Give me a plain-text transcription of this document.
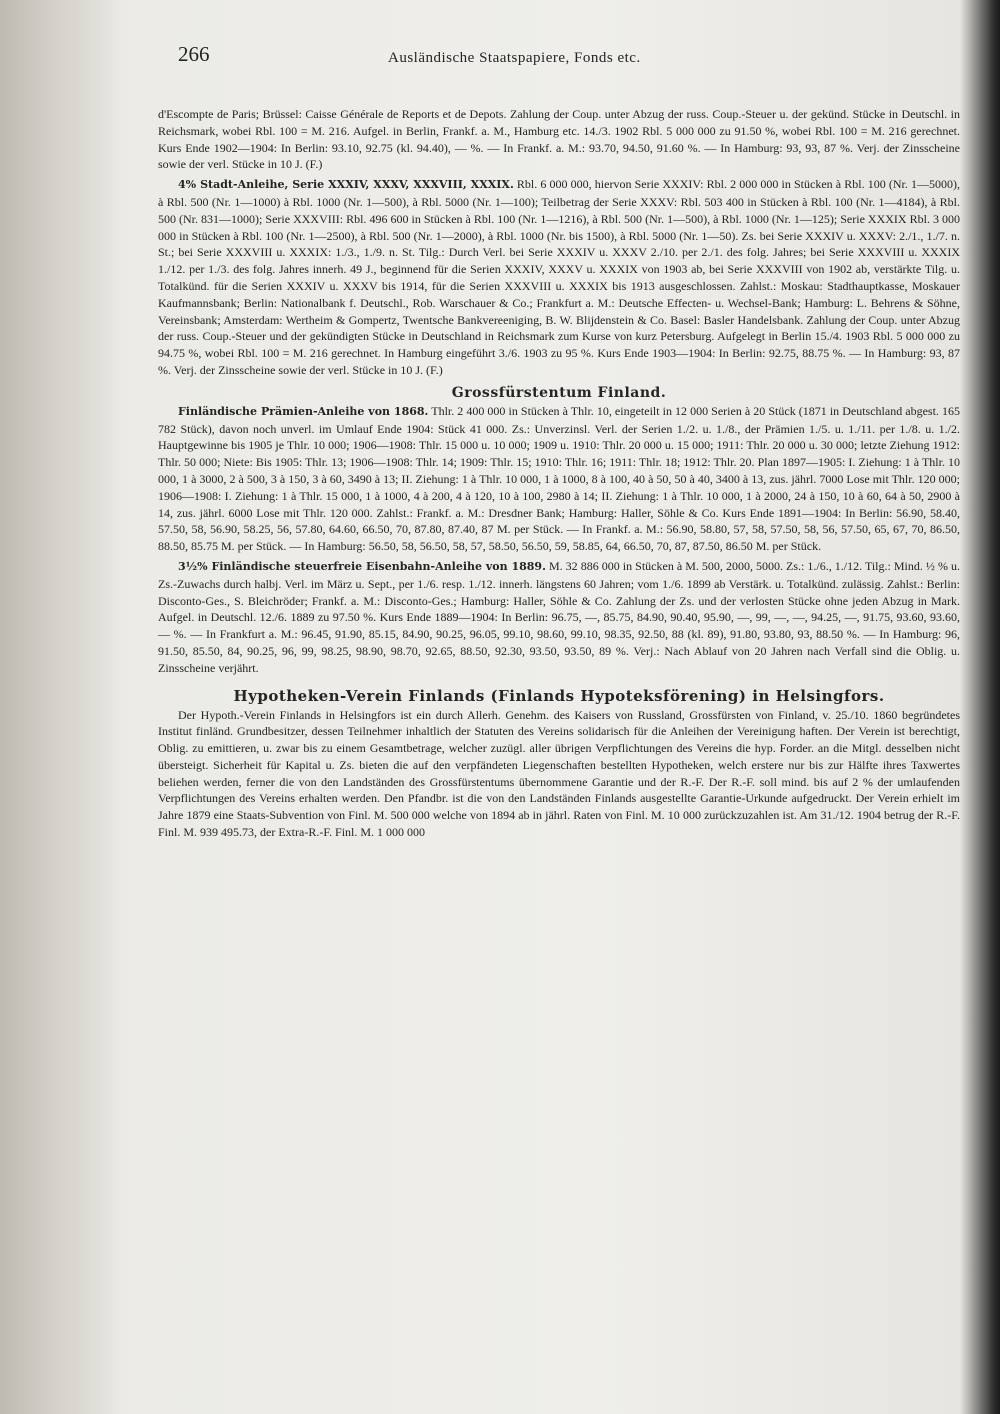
266	Ausländische Staatspapiere, Fonds etc.

d'Escompte de Paris; Brüssel: Caisse Générale de Reports et de Depots. Zahlung der Coup. unter Abzug der russ. Coup.-Steuer u. der gekünd. Stücke in Deutschl. in Reichsmark, wobei Rbl. 100 = M. 216. Aufgel. in Berlin, Frankf. a. M., Hamburg etc. 14./3. 1902 Rbl. 5 000 000 zu 91.50 %, wobei Rbl. 100 = M. 216 gerechnet. Kurs Ende 1902—1904: In Berlin: 93.10, 92.75 (kl. 94.40), — %. — In Frankf. a. M.: 93.70, 94.50, 91.60 %. — In Hamburg: 93, 93, 87 %. Verj. der Zinsscheine sowie der verl. Stücke in 10 J. (F.)

4% Stadt-Anleihe, Serie XXXIV, XXXV, XXXVIII, XXXIX. Rbl. 6 000 000, hiervon Serie XXXIV: Rbl. 2 000 000 in Stücken à Rbl. 100 (Nr. 1—5000), à Rbl. 500 (Nr. 1—1000) à Rbl. 1000 (Nr. 1—500), à Rbl. 5000 (Nr. 1—100); Teilbetrag der Serie XXXV: Rbl. 503 400 in Stücken à Rbl. 100 (Nr. 1—4184), à Rbl. 500 (Nr. 831—1000); Serie XXXVIII: Rbl. 496 600 in Stücken à Rbl. 100 (Nr. 1—1216), à Rbl. 500 (Nr. 1—500), à Rbl. 1000 (Nr. 1—125); Serie XXXIX Rbl. 3 000 000 in Stücken à Rbl. 100 (Nr. 1—2500), à Rbl. 500 (Nr. 1—2000), à Rbl. 1000 (Nr. bis 1500), à Rbl. 5000 (Nr. 1—50). Zs. bei Serie XXXIV u. XXXV: 2./1., 1./7. n. St.; bei Serie XXXVIII u. XXXIX: 1./3., 1./9. n. St. Tilg.: Durch Verl. bei Serie XXXIV u. XXXV 2./10. per 2./1. des folg. Jahres; bei Serie XXXVIII u. XXXIX 1./12. per 1./3. des folg. Jahres innerh. 49 J., beginnend für die Serien XXXIV, XXXV u. XXXIX von 1903 ab, bei Serie XXXVIII von 1902 ab, verstärkte Tilg. u. Totalkünd. für die Serien XXXIV u. XXXV bis 1914, für die Serien XXXVIII u. XXXIX bis 1913 ausgeschlossen. Zahlst.: Moskau: Stadthauptkasse, Moskauer Kaufmannsbank; Berlin: Nationalbank f. Deutschl., Rob. Warschauer & Co.; Frankfurt a. M.: Deutsche Effecten- u. Wechsel-Bank; Hamburg: L. Behrens & Söhne, Vereinsbank; Amsterdam: Wertheim & Gompertz, Twentsche Bankvereeniging, B. W. Blijdenstein & Co. Basel: Basler Handelsbank. Zahlung der Coup. unter Abzug der russ. Coup.-Steuer und der gekündigten Stücke in Deutschland in Reichsmark zum Kurse von kurz Petersburg. Aufgelegt in Berlin 15./4. 1903 Rbl. 5 000 000 zu 94.75 %, wobei Rbl. 100 = M. 216 gerechnet. In Hamburg eingeführt 3./6. 1903 zu 95 %. Kurs Ende 1903—1904: In Berlin: 92.75, 88.75 %. — In Hamburg: 93, 87 %. Verj. der Zinsscheine sowie der verl. Stücke in 10 J. (F.)

Grossfürstentum Finland.

Finländische Prämien-Anleihe von 1868. Thlr. 2 400 000 in Stücken à Thlr. 10, eingeteilt in 12 000 Serien à 20 Stück (1871 in Deutschland abgest. 165 782 Stück), davon noch unverl. im Umlauf Ende 1904: Stück 41 000. Zs.: Unverzinsl. Verl. der Serien 1./2. u. 1./8., der Prämien 1./5. u. 1./11. per 1./8. u. 1./2. Hauptgewinne bis 1905 je Thlr. 10 000; 1906—1908: Thlr. 15 000 u. 10 000; 1909 u. 1910: Thlr. 20 000 u. 15 000; 1911: Thlr. 20 000 u. 30 000; letzte Ziehung 1912: Thlr. 50 000; Niete: Bis 1905: Thlr. 13; 1906—1908: Thlr. 14; 1909: Thlr. 15; 1910: Thlr. 16; 1911: Thlr. 18; 1912: Thlr. 20. Plan 1897—1905: I. Ziehung: 1 à Thlr. 10 000, 1 à 3000, 2 à 500, 3 à 150, 3 à 60, 3490 à 13; II. Ziehung: 1 à Thlr. 10 000, 1 à 1000, 8 à 100, 40 à 50, 50 à 40, 3400 à 13, zus. jährl. 7000 Lose mit Thlr. 120 000; 1906—1908: I. Ziehung: 1 à Thlr. 15 000, 1 à 1000, 4 à 200, 4 à 120, 10 à 100, 2980 à 14; II. Ziehung: 1 à Thlr. 10 000, 1 à 2000, 24 à 150, 10 à 60, 64 à 50, 2900 à 14, zus. jährl. 6000 Lose mit Thlr. 120 000. Zahlst.: Frankf. a. M.: Dresdner Bank; Hamburg: Haller, Söhle & Co. Kurs Ende 1891—1904: In Berlin: 56.90, 58.40, 57.50, 58, 56.90, 58.25, 56, 57.80, 64.60, 66.50, 70, 87.80, 87.40, 87 M. per Stück. — In Frankf. a. M.: 56.90, 58.80, 57, 58, 57.50, 58, 56, 57.50, 65, 67, 70, 86.50, 88.50, 85.75 M. per Stück. — In Hamburg: 56.50, 58, 56.50, 58, 57, 58.50, 56.50, 59, 58.85, 64, 66.50, 70, 87, 87.50, 86.50 M. per Stück.

3½% Finländische steuerfreie Eisenbahn-Anleihe von 1889. M. 32 886 000 in Stücken à M. 500, 2000, 5000. Zs.: 1./6., 1./12. Tilg.: Mind. ½ % u. Zs.-Zuwachs durch halbj. Verl. im März u. Sept., per 1./6. resp. 1./12. innerh. längstens 60 Jahren; vom 1./6. 1899 ab Verstärk. u. Totalkünd. zulässig. Zahlst.: Berlin: Disconto-Ges., S. Bleichröder; Frankf. a. M.: Disconto-Ges.; Hamburg: Haller, Söhle & Co. Zahlung der Zs. und der verlosten Stücke ohne jeden Abzug in Mark. Aufgel. in Deutschl. 12./6. 1889 zu 97.50 %. Kurs Ende 1889—1904: In Berlin: 96.75, —, 85.75, 84.90, 90.40, 95.90, —, 99, —, —, 94.25, —, 91.75, 93.60, 93.60, — %. — In Frankfurt a. M.: 96.45, 91.90, 85.15, 84.90, 90.25, 96.05, 99.10, 98.60, 99.10, 98.35, 92.50, 88 (kl. 89), 91.80, 93.80, 93, 88.50 %. — In Hamburg: 96, 91.50, 85.50, 84, 90.25, 96, 99, 98.25, 98.90, 98.70, 92.65, 88.50, 92.30, 93.50, 93.50, 89 %. Verj.: Nach Ablauf von 20 Jahren nach Verfall sind die Oblig. u. Zinsscheine verjährt.

Hypotheken-Verein Finlands (Finlands Hypoteksförening) in Helsingfors.

Der Hypoth.-Verein Finlands in Helsingfors ist ein durch Allerh. Genehm. des Kaisers von Russland, Grossfürsten von Finland, v. 25./10. 1860 begründetes Institut finländ. Grundbesitzer, dessen Teilnehmer inhaltlich der Statuten des Vereins solidarisch für die Anleihen der Vereinigung haften. Der Verein ist berechtigt, Oblig. zu emittieren, u. zwar bis zu einem Gesamtbetrage, welcher zuzügl. aller übrigen Verpflichtungen des Vereins die hyp. Forder. an die Mitgl. desselben nicht übersteigt. Sicherheit für Kapital u. Zs. bieten die auf den verpfändeten Liegenschaften bestellten Hypotheken, welch erstere nur bis zur Hälfte ihres Taxwertes beliehen werden, ferner die von den Landständen des Grossfürstentums übernommene Garantie und der R.-F. Der R.-F. soll mind. bis auf 2 % der umlaufenden Verpflichtungen des Vereins erhalten werden. Den Pfandbr. ist die von den Landständen Finlands ausgestellte Garantie-Urkunde aufgedruckt. Der Verein erhielt im Jahre 1879 eine Staats-Subvention von Finl. M. 500 000 welche von 1894 ab in jährl. Raten von Finl. M. 10 000 zurückzuzahlen ist. Am 31./12. 1904 betrug der R.-F. Finl. M. 939 495.73, der Extra-R.-F. Finl. M. 1 000 000
